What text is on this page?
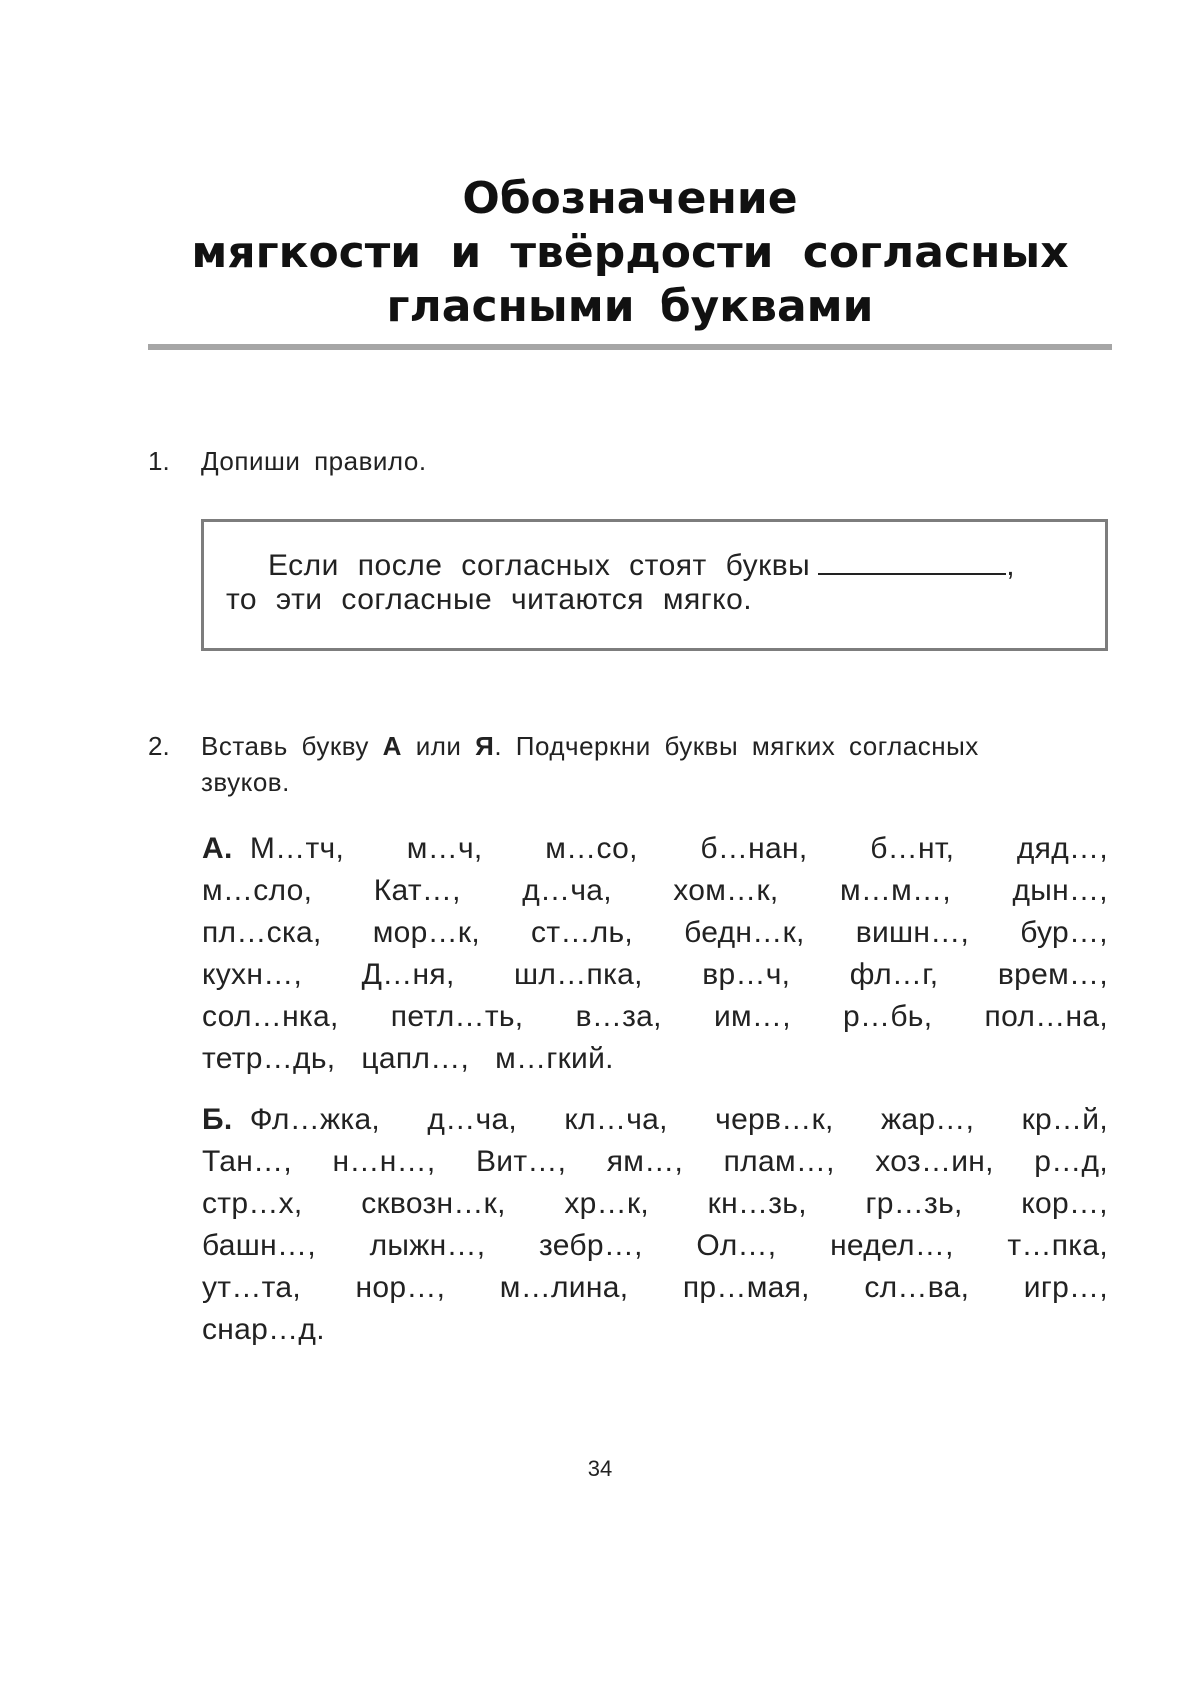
Обозначение
мягкости и твёрдости согласных
гласными буквами
1. Допиши правило.
Если после согласных стоят буквы	,
то эти согласные читаются мягко.
2. Вставь букву А или Я. Подчеркни буквы мягких согласных
звуков.
А. М…тч, м…ч, м…со, б…нан, б…нт, дяд…,
м…сло, Кат…, д…ча, хом…к, м…м…, дын…,
пл…ска, мор…к, ст…ль, бедн…к, вишн…, бур…,
кухн…, Д…ня, шл…пка, вр…ч, фл…г, врем…,
сол…нка, петл…ть, в…за, им…, р…бь, пол…на,
тетр…дь, цапл…, м…гкий.
Б. Фл…жка, д…ча, кл…ча, черв…к, жар…, кр…й,
Тан…, н…н…, Вит…, ям…, плам…, хоз…ин, р…д,
стр…х, сквозн…к, хр…к, кн…зь, гр…зь, кор…,
башн…, лыжн…, зебр…, Ол…, недел…, т…пка,
ут…та, нор…, м…лина, пр…мая, сл…ва, игр…,
снар…д.
34
